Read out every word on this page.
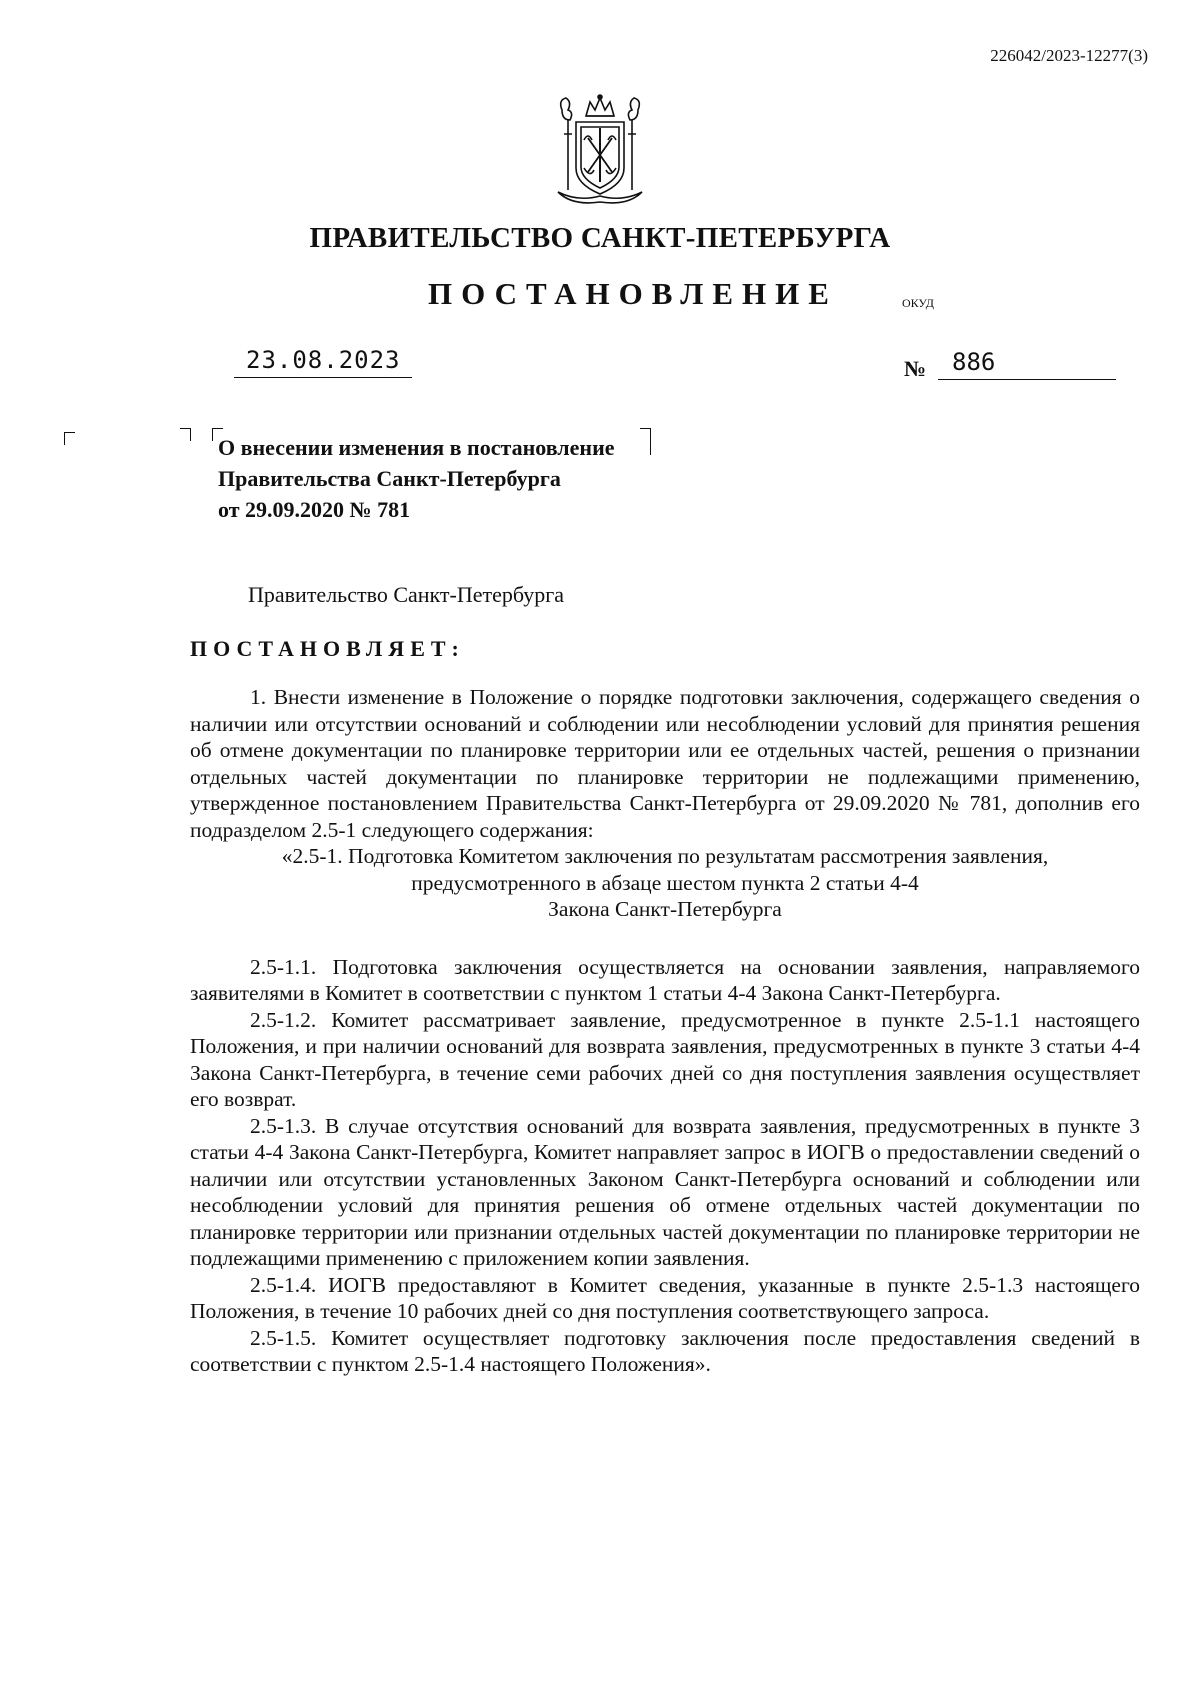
226042/2023-12277(3)
ПРАВИТЕЛЬСТВО САНКТ-ПЕТЕРБУРГА
ПОСТАНОВЛЕНИЕ	ОКУД
23.08.2023	№	886
О внесении изменения в постановление
Правительства Санкт-Петербурга
от 29.09.2020 № 781
Правительство Санкт-Петербурга
ПОСТАНОВЛЯЕТ:

1. Внести изменение в Положение о порядке подготовки заключения, содержащего сведения о наличии или отсутствии оснований и соблюдении или несоблюдении условий для принятия решения об отмене документации по планировке территории или ее отдельных частей, решения о признании отдельных частей документации по планировке территории не подлежащими применению, утвержденное постановлением Правительства Санкт-Петербурга от 29.09.2020 № 781, дополнив его подразделом 2.5-1 следующего содержания:

«2.5-1. Подготовка Комитетом заключения по результатам рассмотрения заявления,

предусмотренного в абзаце шестом пункта 2 статьи 4-4

Закона Санкт-Петербурга

2.5-1.1. Подготовка заключения осуществляется на основании заявления, направляемого заявителями в Комитет в соответствии с пунктом 1 статьи 4-4 Закона Санкт-Петербурга.

2.5-1.2. Комитет рассматривает заявление, предусмотренное в пункте 2.5-1.1 настоящего Положения, и при наличии оснований для возврата заявления, предусмотренных в пункте 3 статьи 4-4 Закона Санкт-Петербурга, в течение семи рабочих дней со дня поступления заявления осуществляет его возврат.

2.5-1.3. В случае отсутствия оснований для возврата заявления, предусмотренных в пункте 3 статьи 4-4 Закона Санкт-Петербурга, Комитет направляет запрос в ИОГВ о предоставлении сведений о наличии или отсутствии установленных Законом Санкт-Петербурга оснований и соблюдении или несоблюдении условий для принятия решения об отмене отдельных частей документации по планировке территории или признании отдельных частей документации по планировке территории не подлежащими применению с приложением копии заявления.

2.5-1.4. ИОГВ предоставляют в Комитет сведения, указанные в пункте 2.5-1.3 настоящего Положения, в течение 10 рабочих дней со дня поступления соответствующего запроса.

2.5-1.5. Комитет осуществляет подготовку заключения после предоставления сведений в соответствии с пунктом 2.5-1.4 настоящего Положения».
